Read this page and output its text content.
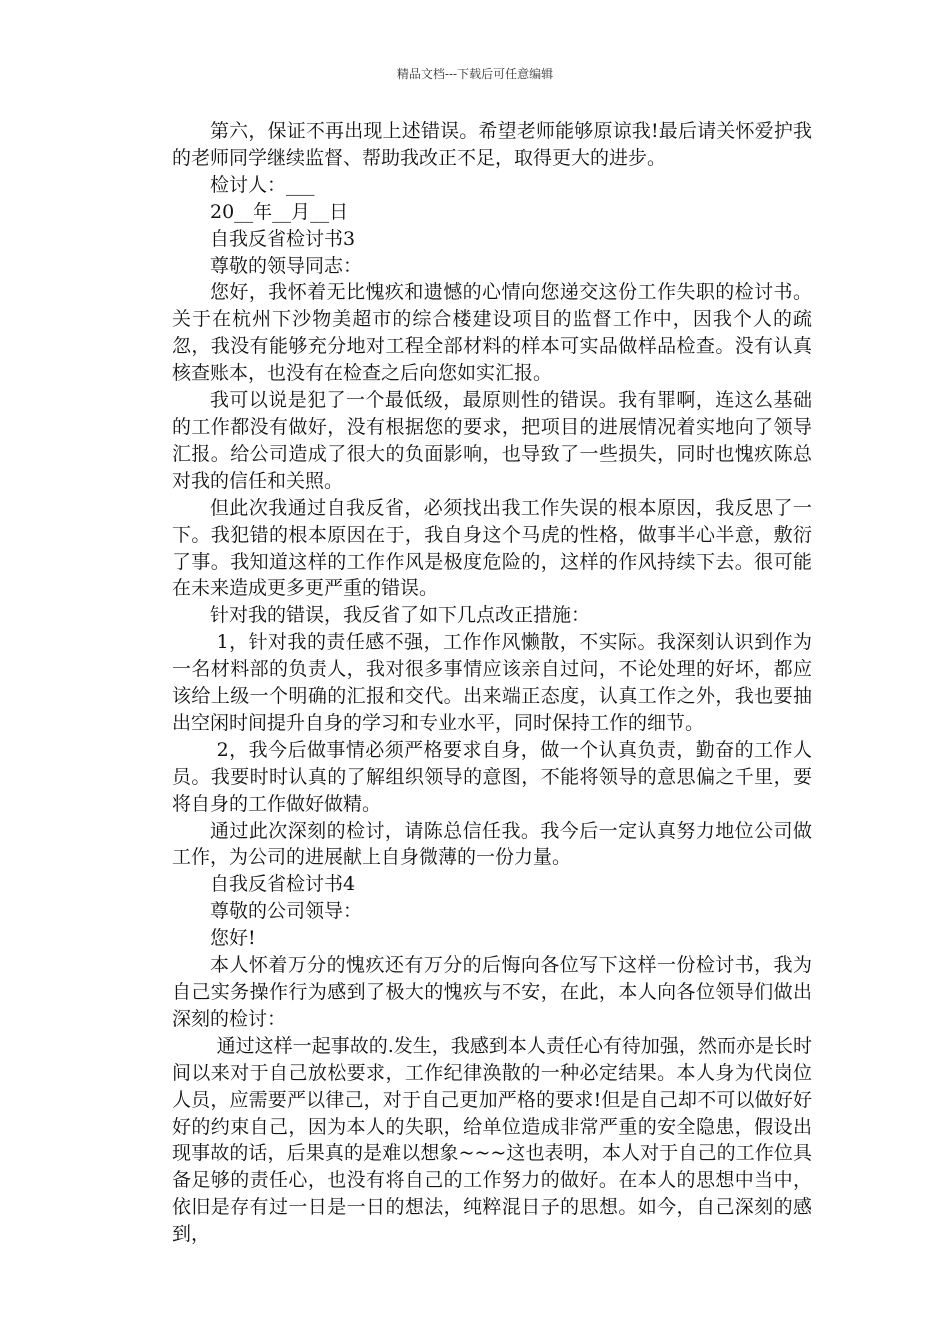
精品文档---下载后可任意编辑

第六，保证不再出现上述错误。希望老师能够原谅我!最后请关怀爱护我的老师同学继续监督、帮助我改正不足，取得更大的进步。

检讨人：___

20__年__月__日

自我反省检讨书3

尊敬的领导同志：

您好，我怀着无比愧疚和遗憾的心情向您递交这份工作失职的检讨书。关于在杭州下沙物美超市的综合楼建设项目的监督工作中，因我个人的疏忽，我没有能够充分地对工程全部材料的样本可实品做样品检查。没有认真核查账本，也没有在检查之后向您如实汇报。

我可以说是犯了一个最低级，最原则性的错误。我有罪啊，连这么基础的工作都没有做好，没有根据您的要求，把项目的进展情况着实地向了领导汇报。给公司造成了很大的负面影响，也导致了一些损失，同时也愧疚陈总对我的信任和关照。

但此次我通过自我反省，必须找出我工作失误的根本原因，我反思了一下。我犯错的根本原因在于，我自身这个马虎的性格，做事半心半意，敷衍了事。我知道这样的工作作风是极度危险的，这样的作风持续下去。很可能在未来造成更多更严重的错误。

针对我的错误，我反省了如下几点改正措施：

1，针对我的责任感不强，工作作风懒散，不实际。我深刻认识到作为一名材料部的负责人，我对很多事情应该亲自过问，不论处理的好坏，都应该给上级一个明确的汇报和交代。出来端正态度，认真工作之外，我也要抽出空闲时间提升自身的学习和专业水平，同时保持工作的细节。

2，我今后做事情必须严格要求自身，做一个认真负责，勤奋的工作人员。我要时时认真的了解组织领导的意图，不能将领导的意思偏之千里，要将自身的工作做好做精。

通过此次深刻的检讨，请陈总信任我。我今后一定认真努力地位公司做工作，为公司的进展献上自身微薄的一份力量。

自我反省检讨书4

尊敬的公司领导：

您好!

本人怀着万分的愧疚还有万分的后悔向各位写下这样一份检讨书，我为自己实务操作行为感到了极大的愧疚与不安，在此，本人向各位领导们做出深刻的检讨：

通过这样一起事故的.发生，我感到本人责任心有待加强，然而亦是长时间以来对于自己放松要求，工作纪律涣散的一种必定结果。本人身为代岗位人员，应需要严以律己，对于自己更加严格的要求!但是自己却不可以做好好好的约束自己，因为本人的失职，给单位造成非常严重的安全隐患，假设出现事故的话，后果真的是难以想象~~~这也表明，本人对于自己的工作位具备足够的责任心，也没有将自己的工作努力的做好。在本人的思想中当中，依旧是存有过一日是一日的想法，纯粹混日子的思想。如今，自己深刻的感到，
